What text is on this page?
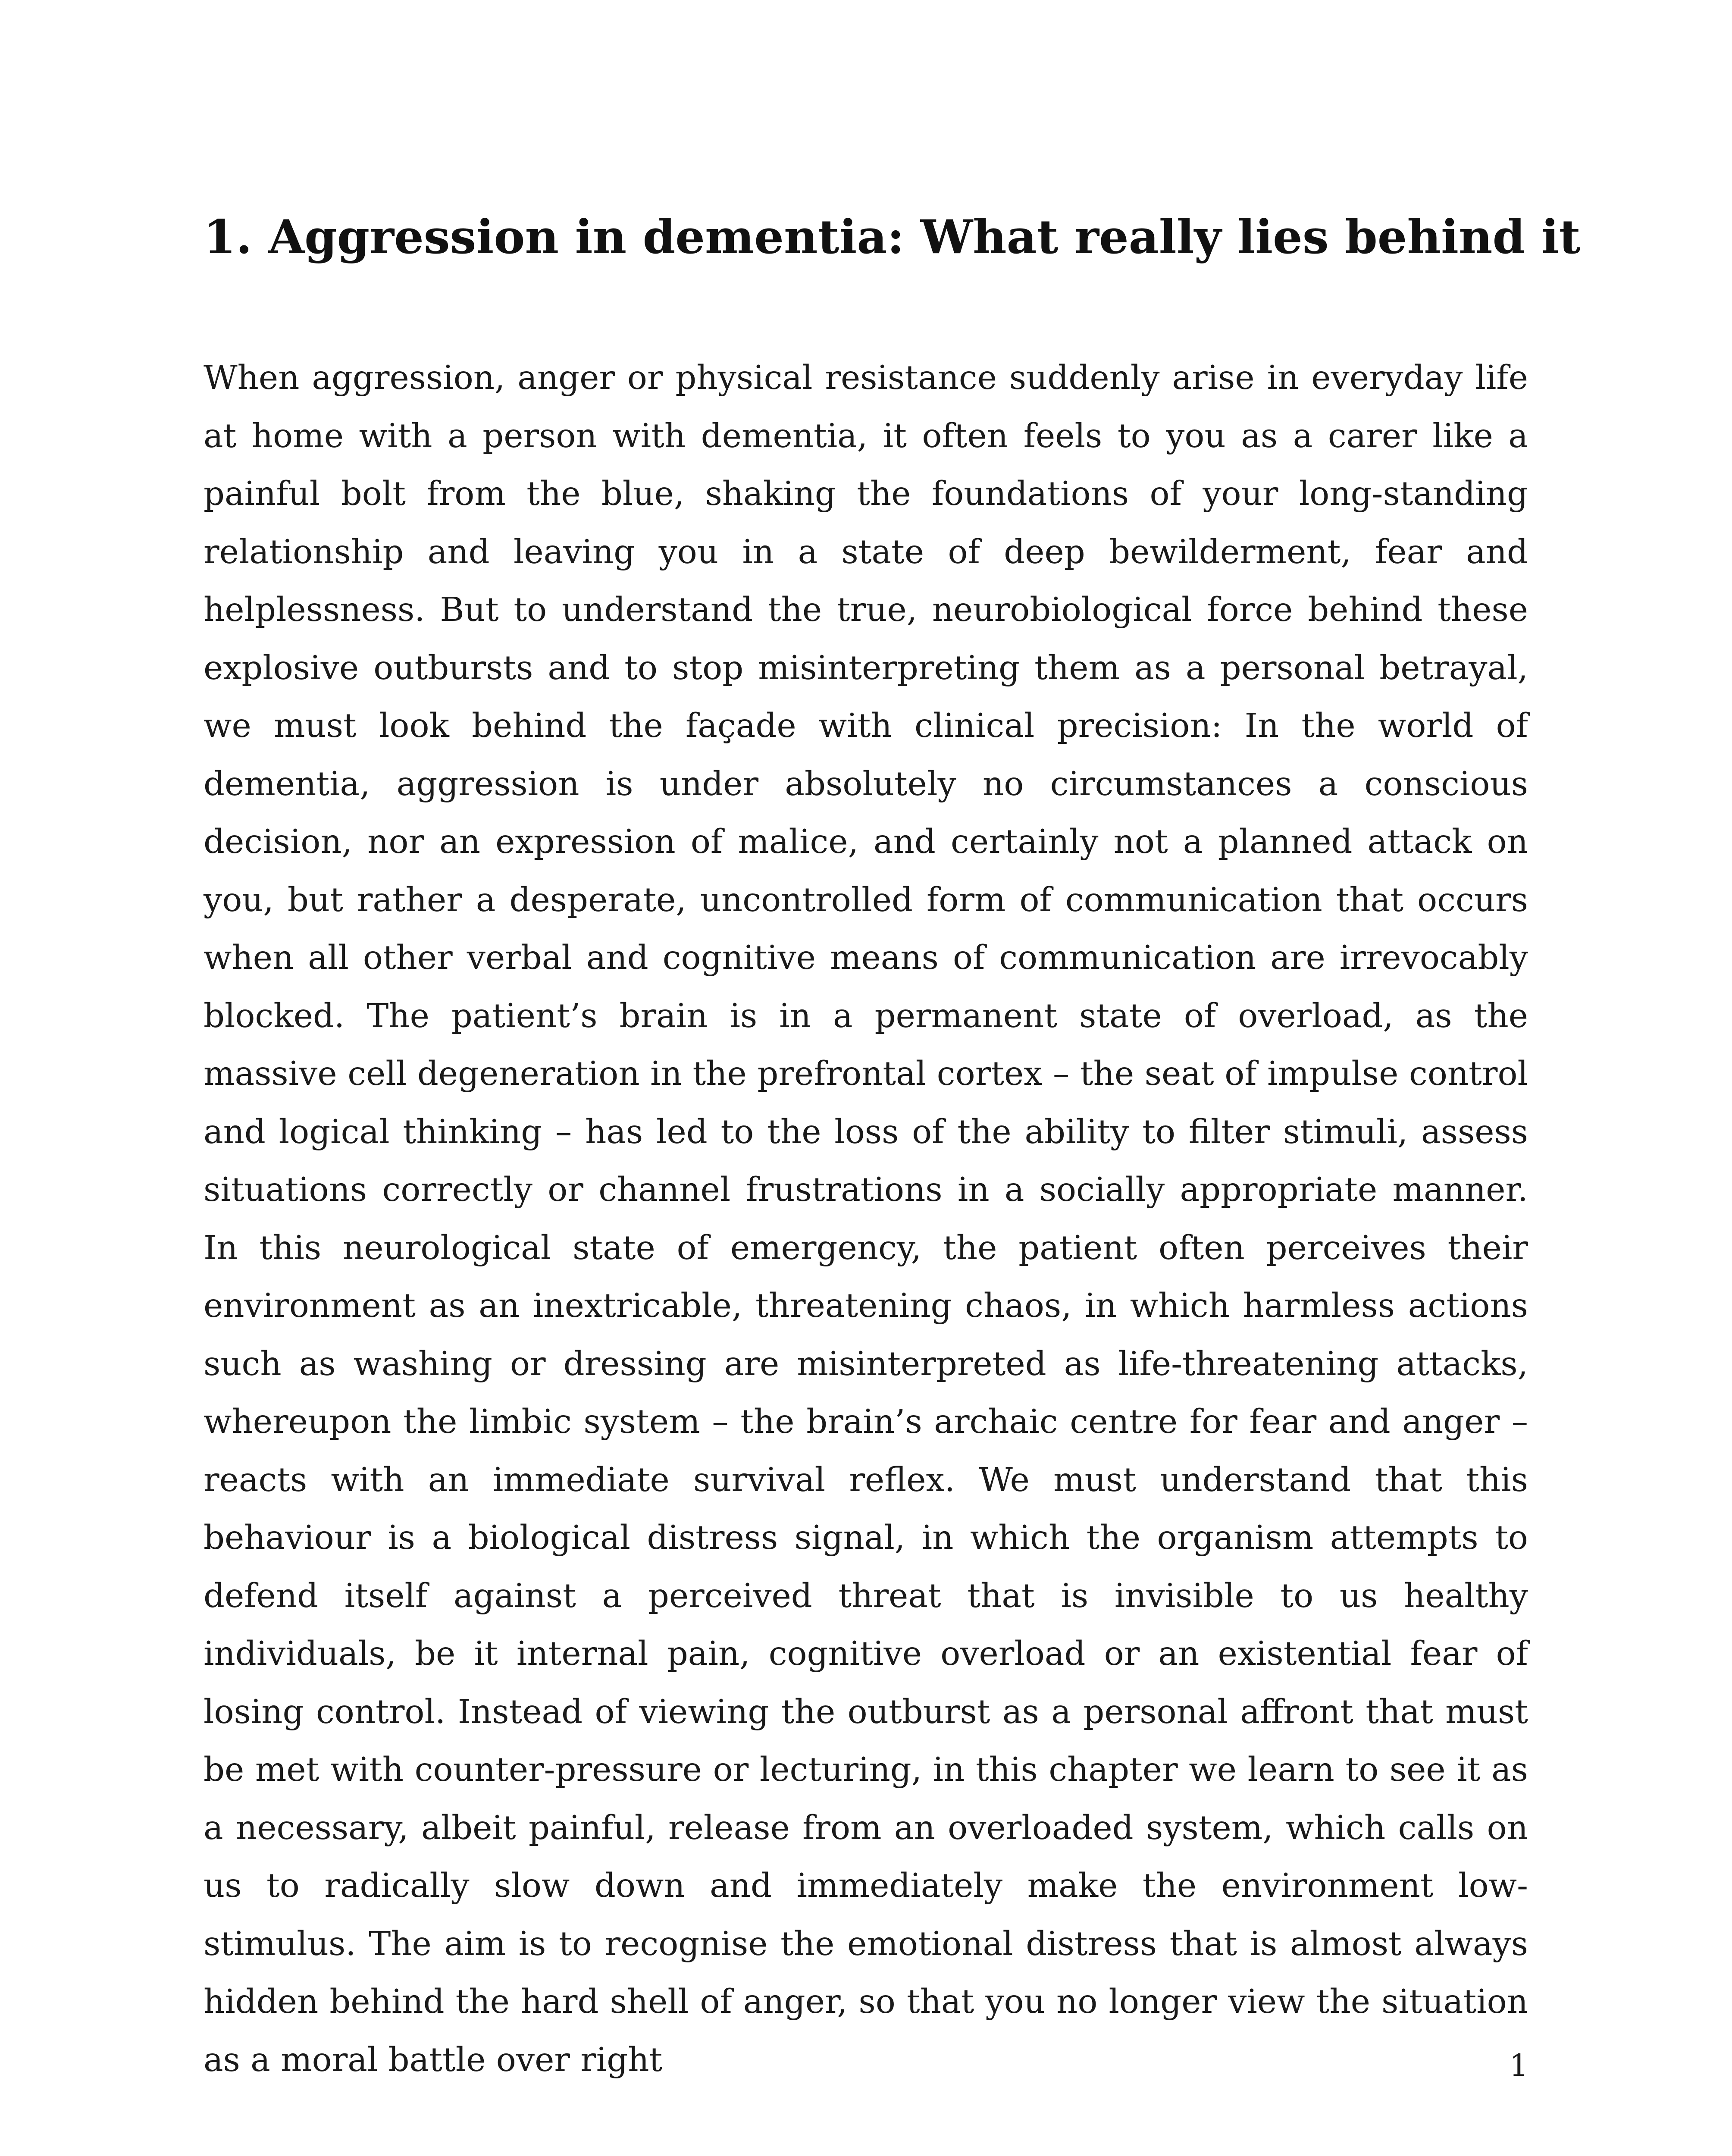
1. Aggression in dementia: What really lies behind it

When aggression, anger or physical resistance suddenly arise in everyday life at home with a person with dementia, it often feels to you as a carer like a painful bolt from the blue, shaking the foundations of your long-standing relationship and leaving you in a state of deep bewilderment, fear and helplessness. But to understand the true, neurobiological force behind these explosive outbursts and to stop misinterpreting them as a personal betrayal, we must look behind the façade with clinical precision: In the world of dementia, aggression is under absolutely no circumstances a conscious decision, nor an expression of malice, and certainly not a planned attack on you, but rather a desperate, uncontrolled form of communication that occurs when all other verbal and cognitive means of communication are irrevocably blocked. The patient’s brain is in a permanent state of overload, as the massive cell degeneration in the prefrontal cortex – the seat of impulse control and logical thinking – has led to the loss of the ability to filter stimuli, assess situations correctly or channel frustrations in a socially appropriate manner. In this neurological state of emergency, the patient often perceives their environment as an inextricable, threatening chaos, in which harmless actions such as washing or dressing are misinterpreted as life-threatening attacks, whereupon the limbic system – the brain’s archaic centre for fear and anger – reacts with an immediate survival reflex. We must understand that this behaviour is a biological distress signal, in which the organism attempts to defend itself against a perceived threat that is invisible to us healthy individuals, be it internal pain, cognitive overload or an existential fear of losing control. Instead of viewing the outburst as a personal affront that must be met with counter-pressure or lecturing, in this chapter we learn to see it as a necessary, albeit painful, release from an overloaded system, which calls on us to radically slow down and immediately make the environment low-stimulus. The aim is to recognise the emotional distress that is almost always hidden behind the hard shell of anger, so that you no longer view the situation as a moral battle over right	1
